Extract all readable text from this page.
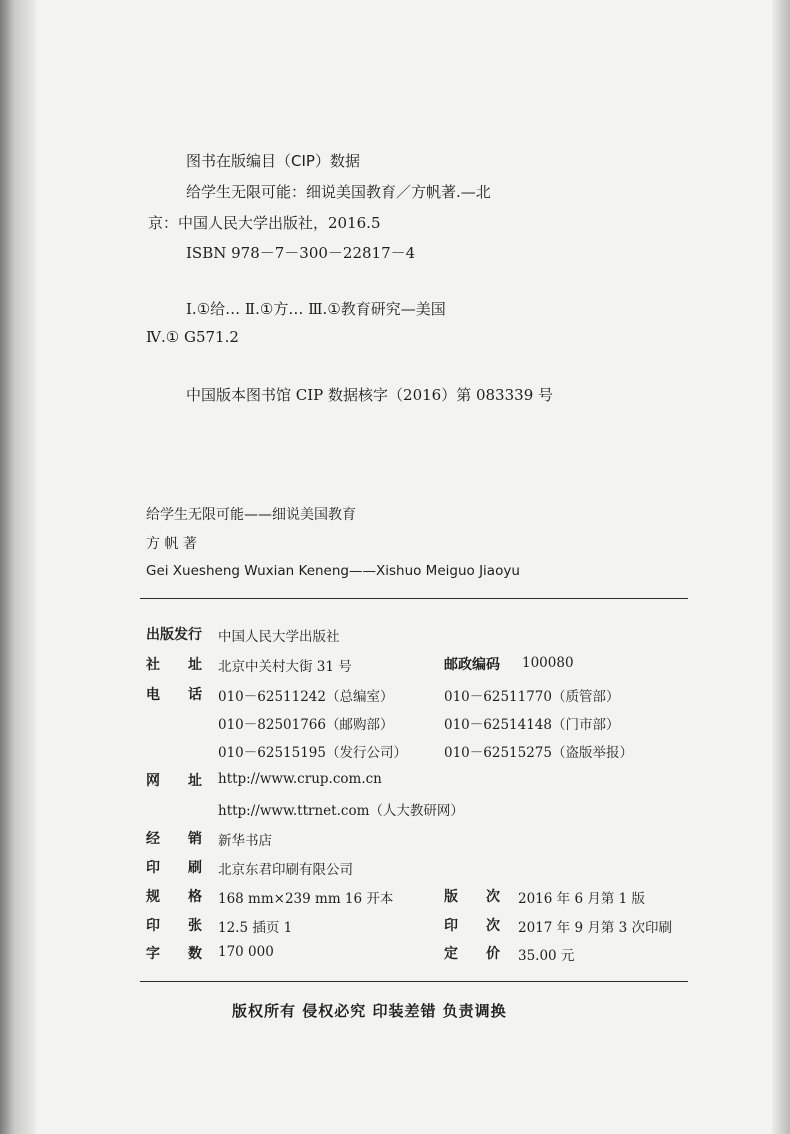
图书在版编目（CIP）数据
给学生无限可能：细说美国教育／方帆著.—北
京：中国人民大学出版社，2016.5
ISBN 978－7－300－22817－4
Ⅰ.①给… Ⅱ.①方… Ⅲ.①教育研究—美国
Ⅳ.① G571.2
中国版本图书馆 CIP 数据核字（2016）第 083339 号
给学生无限可能——细说美国教育
方 帆 著
Gei Xuesheng Wuxian Keneng——Xishuo Meiguo Jiaoyu
出版发行 中国人民大学出版社
社　　址 北京中关村大街 31 号	邮政编码 100080
电　　话 010－62511242（总编室）	010－62511770（质管部）
010－82501766（邮购部）	010－62514148（门市部）
010－62515195（发行公司）	010－62515275（盗版举报）
网　　址 http://www.crup.com.cn
http://www.ttrnet.com（人大教研网）
经　　销 新华书店
印　　刷 北京东君印刷有限公司
规　　格 168 mm×239 mm 16 开本	版　　次 2016 年 6 月第 1 版
印　　张 12.5 插页 1	印　　次 2017 年 9 月第 3 次印刷
字　　数 170 000	定　　价 35.00 元
版权所有 侵权必究 印装差错 负责调换
